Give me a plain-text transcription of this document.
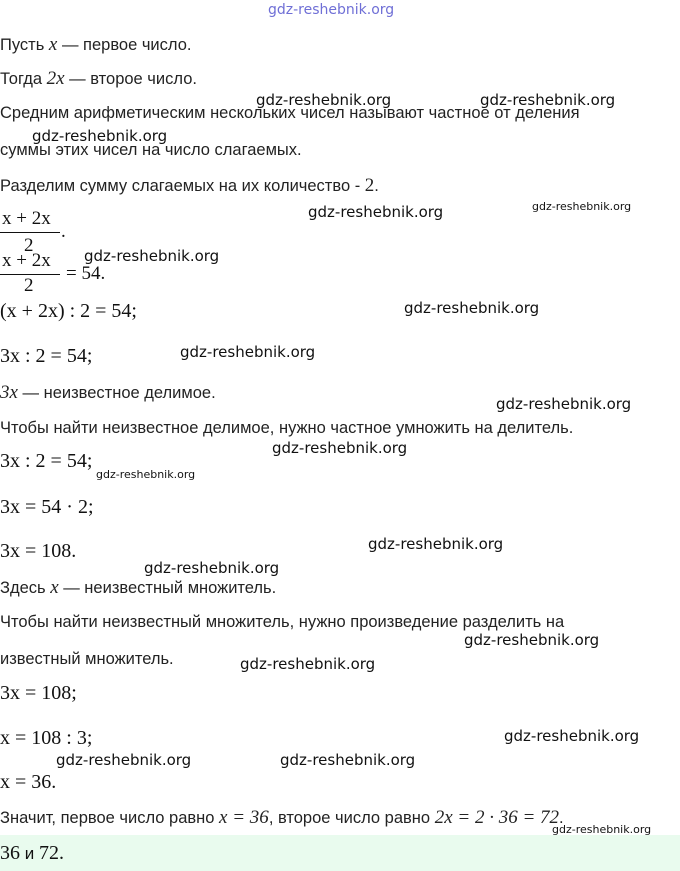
gdz-reshebnik.org
Пусть x — первое число.
Тогда 2x — второе число.
Средним арифметическим нескольких чисел называют частное от деления
суммы этих чисел на число слагаемых.
Разделим сумму слагаемых на их количество - 2.
x + 2x
2
.
x + 2x
2
= 54.
(x + 2x) : 2 = 54;
3x : 2 = 54;
3x — неизвестное делимое.
Чтобы найти неизвестное делимое, нужно частное умножить на делитель.
3x : 2 = 54;
3x = 54 · 2;
3x = 108.
Здесь x — неизвестный множитель.
Чтобы найти неизвестный множитель, нужно произведение разделить на
известный множитель.
3x = 108;
x = 108 : 3;
x = 36.
Значит, первое число равно x = 36, второе число равно 2x = 2 · 36 = 72.
36 и 72.
gdz-reshebnik.org	gdz-reshebnik.org
gdz-reshebnik.org
gdz-reshebnik.org	gdz-reshebnik.org
gdz-reshebnik.org
gdz-reshebnik.org
gdz-reshebnik.org
gdz-reshebnik.org
gdz-reshebnik.org
gdz-reshebnik.org
gdz-reshebnik.org
gdz-reshebnik.org
gdz-reshebnik.org
gdz-reshebnik.org
gdz-reshebnik.org
gdz-reshebnik.org	gdz-reshebnik.org
gdz-reshebnik.org
